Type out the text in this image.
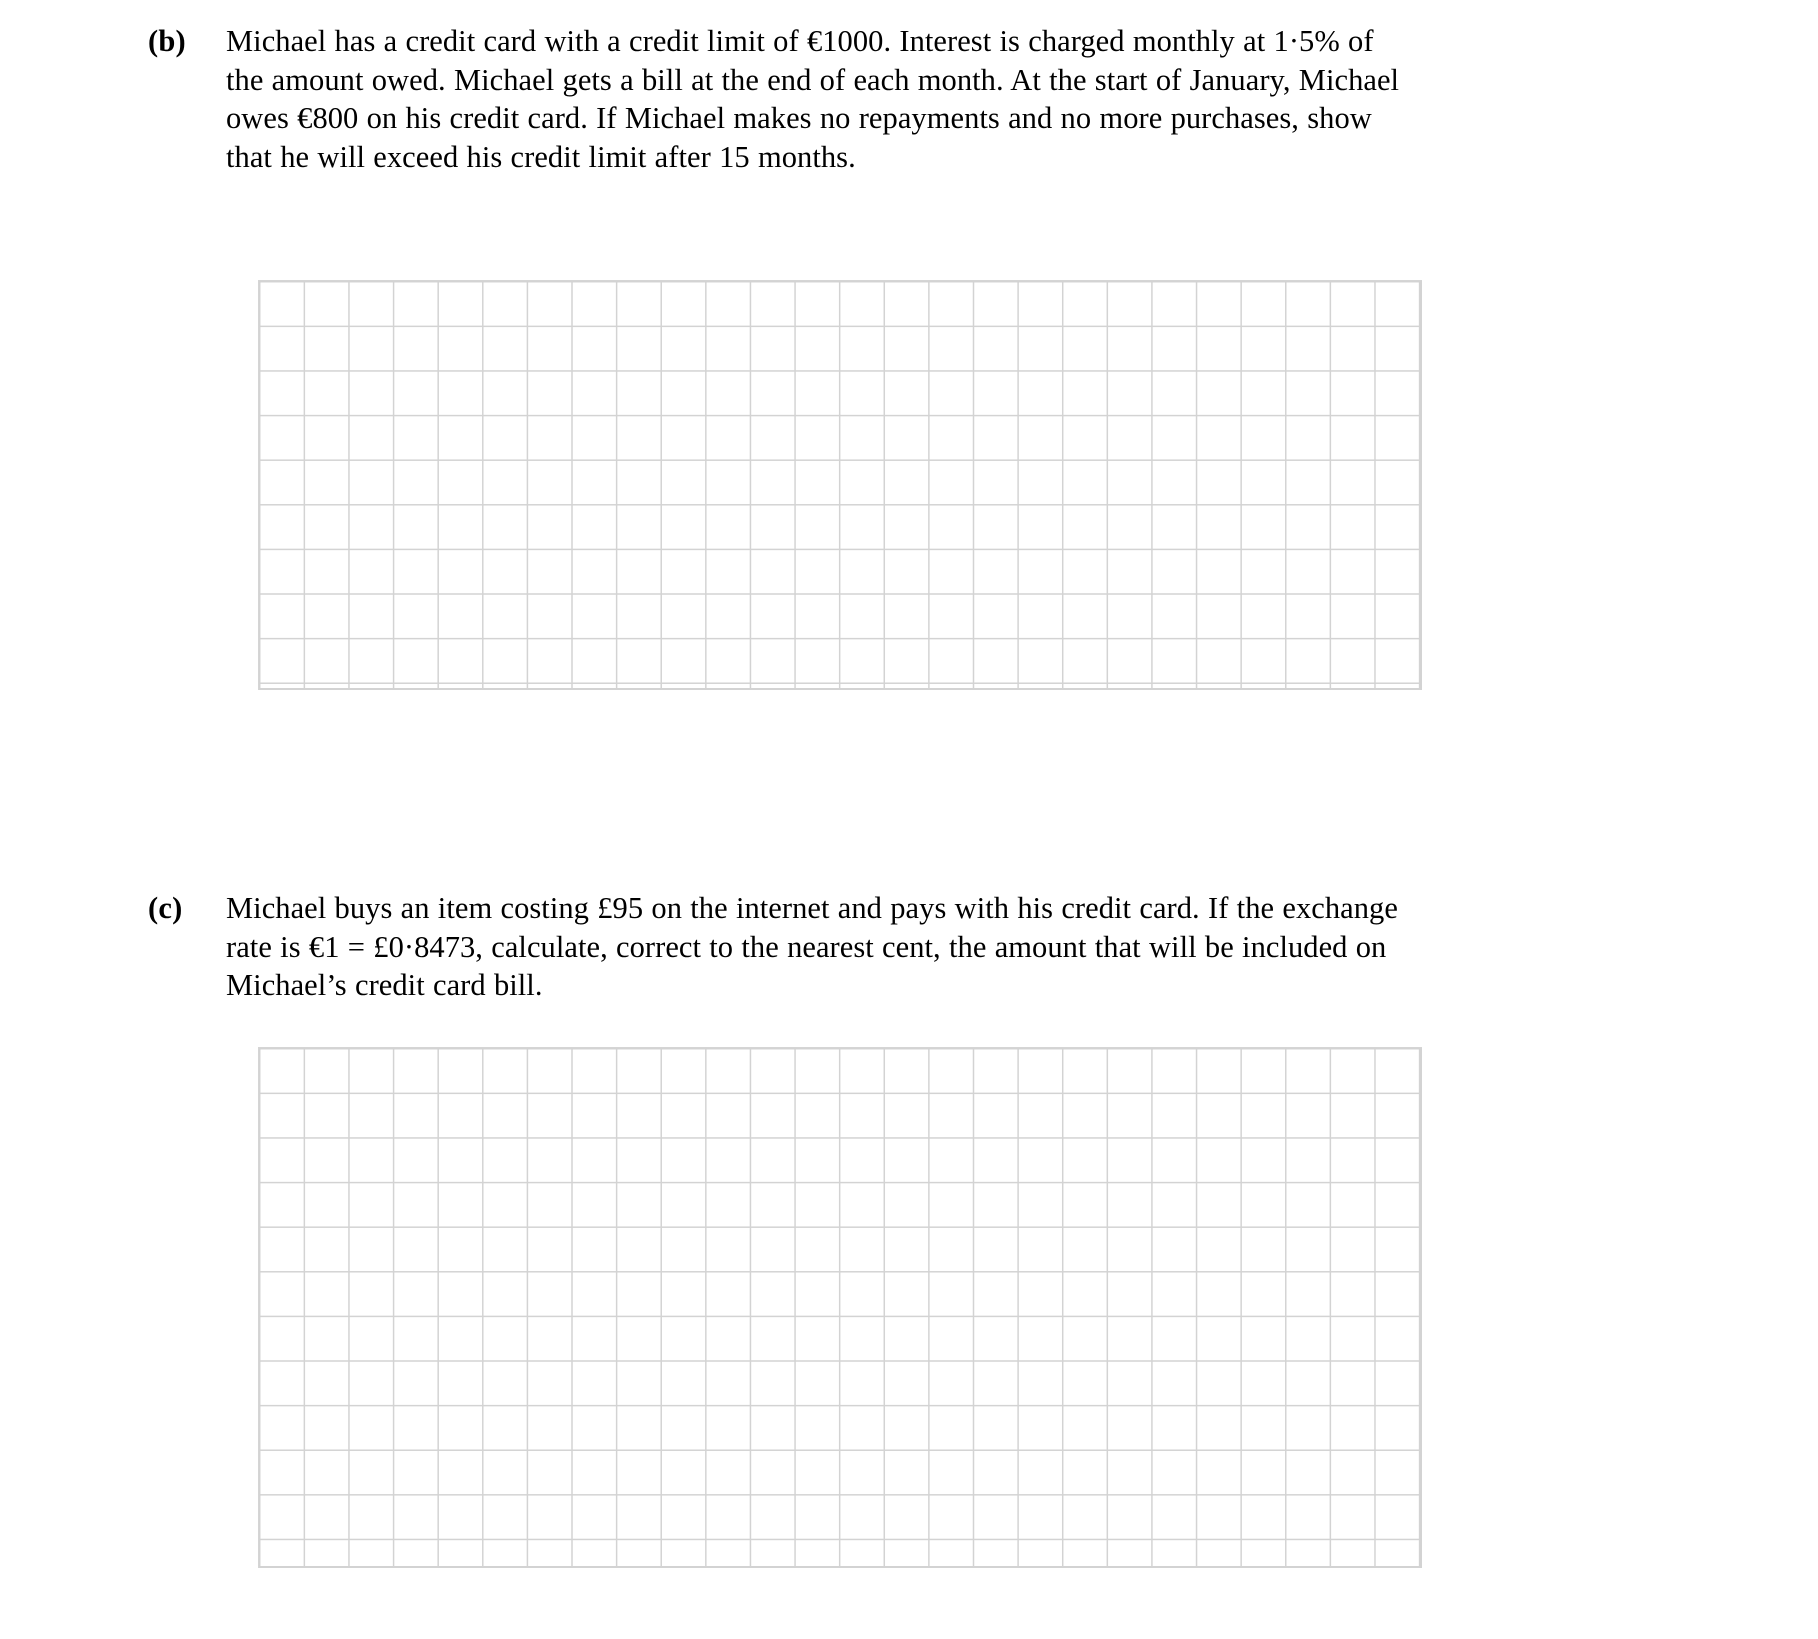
(b)	Michael has a credit card with a credit limit of €1000. Interest is charged monthly at 1·5% of the amount owed. Michael gets a bill at the end of each month. At the start of January, Michael owes €800 on his credit card. If Michael makes no repayments and no more purchases, show that he will exceed his credit limit after 15 months.
(c)	Michael buys an item costing £95 on the internet and pays with his credit card. If the exchange rate is €1 = £0·8473, calculate, correct to the nearest cent, the amount that will be included on Michael’s credit card bill.
